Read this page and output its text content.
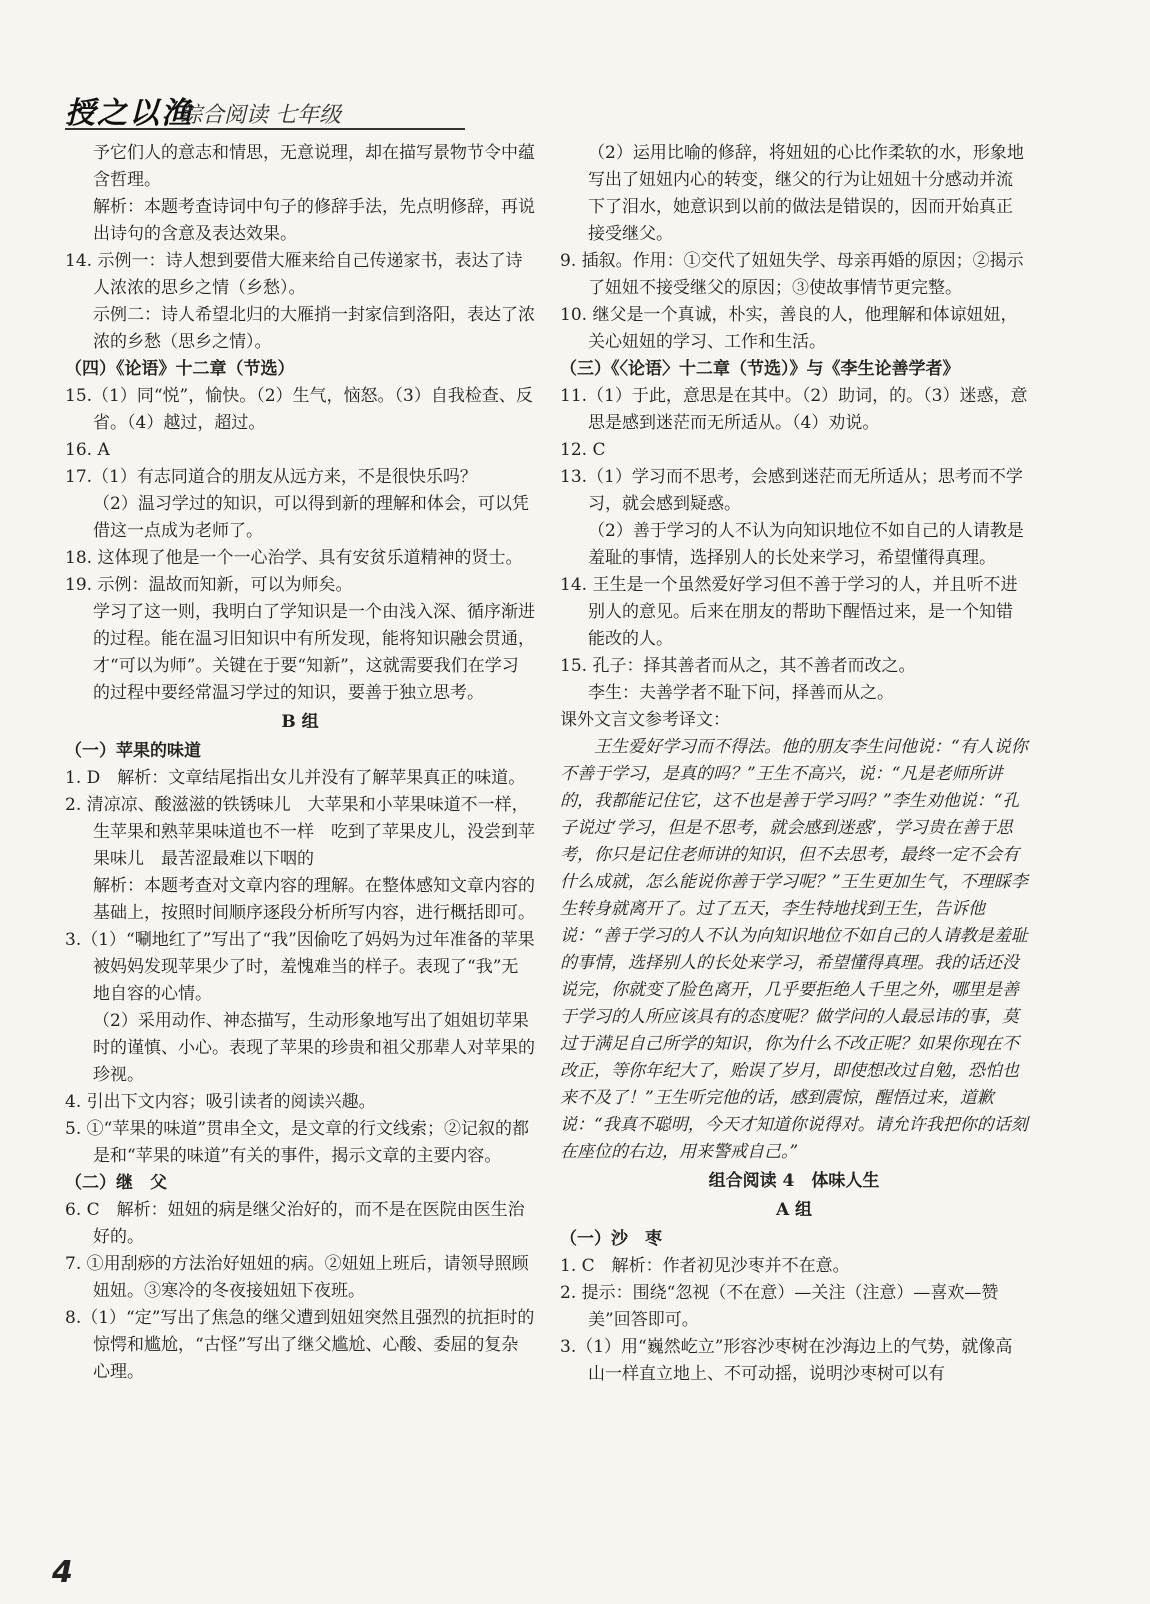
授之以渔
综合阅读 七年级

予它们人的意志和情思，无意说理，却在描写景物节令中蕴含哲理。

解析：本题考查诗词中句子的修辞手法，先点明修辞，再说出诗句的含意及表达效果。

14. 示例一：诗人想到要借大雁来给自己传递家书，表达了诗人浓浓的思乡之情（乡愁）。

示例二：诗人希望北归的大雁捎一封家信到洛阳，表达了浓浓的乡愁（思乡之情）。

（四）《论语》十二章（节选）

15.（1）同“悦”，愉快。（2）生气，恼怒。（3）自我检查、反省。（4）越过，超过。

16. A

17.（1）有志同道合的朋友从远方来，不是很快乐吗？

（2）温习学过的知识，可以得到新的理解和体会，可以凭借这一点成为老师了。

18. 这体现了他是一个一心治学、具有安贫乐道精神的贤士。

19. 示例：温故而知新，可以为师矣。

学习了这一则，我明白了学知识是一个由浅入深、循序渐进的过程。能在温习旧知识中有所发现，能将知识融会贯通，才“可以为师”。关键在于要“知新”，这就需要我们在学习的过程中要经常温习学过的知识，要善于独立思考。

B 组

（一）苹果的味道

1. D　解析：文章结尾指出女儿并没有了解苹果真正的味道。

2. 清凉凉、酸滋滋的铁锈味儿　大苹果和小苹果味道不一样，生苹果和熟苹果味道也不一样　吃到了苹果皮儿，没尝到苹果味儿　最苦涩最难以下咽的

解析：本题考查对文章内容的理解。在整体感知文章内容的基础上，按照时间顺序逐段分析所写内容，进行概括即可。

3.（1）“唰地红了”写出了“我”因偷吃了妈妈为过年准备的苹果被妈妈发现苹果少了时，羞愧难当的样子。表现了“我”无地自容的心情。

（2）采用动作、神态描写，生动形象地写出了姐姐切苹果时的谨慎、小心。表现了苹果的珍贵和祖父那辈人对苹果的珍视。

4. 引出下文内容；吸引读者的阅读兴趣。

5. ①“苹果的味道”贯串全文，是文章的行文线索；②记叙的都是和“苹果的味道”有关的事件，揭示文章的主要内容。

（二）继　父

6. C　解析：妞妞的病是继父治好的，而不是在医院由医生治好的。

7. ①用刮痧的方法治好妞妞的病。②妞妞上班后，请领导照顾妞妞。③寒冷的冬夜接妞妞下夜班。

8.（1）“定”写出了焦急的继父遭到妞妞突然且强烈的抗拒时的惊愕和尴尬，“古怪”写出了继父尴尬、心酸、委屈的复杂心理。

（2）运用比喻的修辞，将妞妞的心比作柔软的水，形象地写出了妞妞内心的转变，继父的行为让妞妞十分感动并流下了泪水，她意识到以前的做法是错误的，因而开始真正接受继父。

9. 插叙。作用：①交代了妞妞失学、母亲再婚的原因；②揭示了妞妞不接受继父的原因；③使故事情节更完整。

10. 继父是一个真诚，朴实，善良的人，他理解和体谅妞妞，关心妞妞的学习、工作和生活。

（三）《〈论语〉十二章（节选）》与《李生论善学者》

11.（1）于此，意思是在其中。（2）助词，的。（3）迷惑，意思是感到迷茫而无所适从。（4）劝说。

12. C

13.（1）学习而不思考，会感到迷茫而无所适从；思考而不学习，就会感到疑惑。

（2）善于学习的人不认为向知识地位不如自己的人请教是羞耻的事情，选择别人的长处来学习，希望懂得真理。

14. 王生是一个虽然爱好学习但不善于学习的人，并且听不进别人的意见。后来在朋友的帮助下醒悟过来，是一个知错能改的人。

15. 孔子：择其善者而从之，其不善者而改之。

李生：夫善学者不耻下问，择善而从之。

课外文言文参考译文：

王生爱好学习而不得法。他的朋友李生问他说：“有人说你不善于学习，是真的吗？”王生不高兴，说：“凡是老师所讲的，我都能记住它，这不也是善于学习吗？”李生劝他说：“孔子说过‘学习，但是不思考，就会感到迷惑’，学习贵在善于思考，你只是记住老师讲的知识，但不去思考，最终一定不会有什么成就，怎么能说你善于学习呢？”王生更加生气，不理睬李生转身就离开了。过了五天，李生特地找到王生，告诉他说：“善于学习的人不认为向知识地位不如自己的人请教是羞耻的事情，选择别人的长处来学习，希望懂得真理。我的话还没说完，你就变了脸色离开，几乎要拒绝人千里之外，哪里是善于学习的人所应该具有的态度呢？做学问的人最忌讳的事，莫过于满足自己所学的知识，你为什么不改正呢？如果你现在不改正，等你年纪大了，贻误了岁月，即使想改过自勉，恐怕也来不及了！”王生听完他的话，感到震惊，醒悟过来，道歉说：“我真不聪明，今天才知道你说得对。请允许我把你的话刻在座位的右边，用来警戒自己。”

组合阅读 4　体味人生

A 组

（一）沙　枣

1. C　解析：作者初见沙枣并不在意。

2. 提示：围绕“忽视（不在意）—关注（注意）—喜欢—赞美”回答即可。

3.（1）用“巍然屹立”形容沙枣树在沙海边上的气势，就像高山一样直立地上、不可动摇，说明沙枣树可以有

4
